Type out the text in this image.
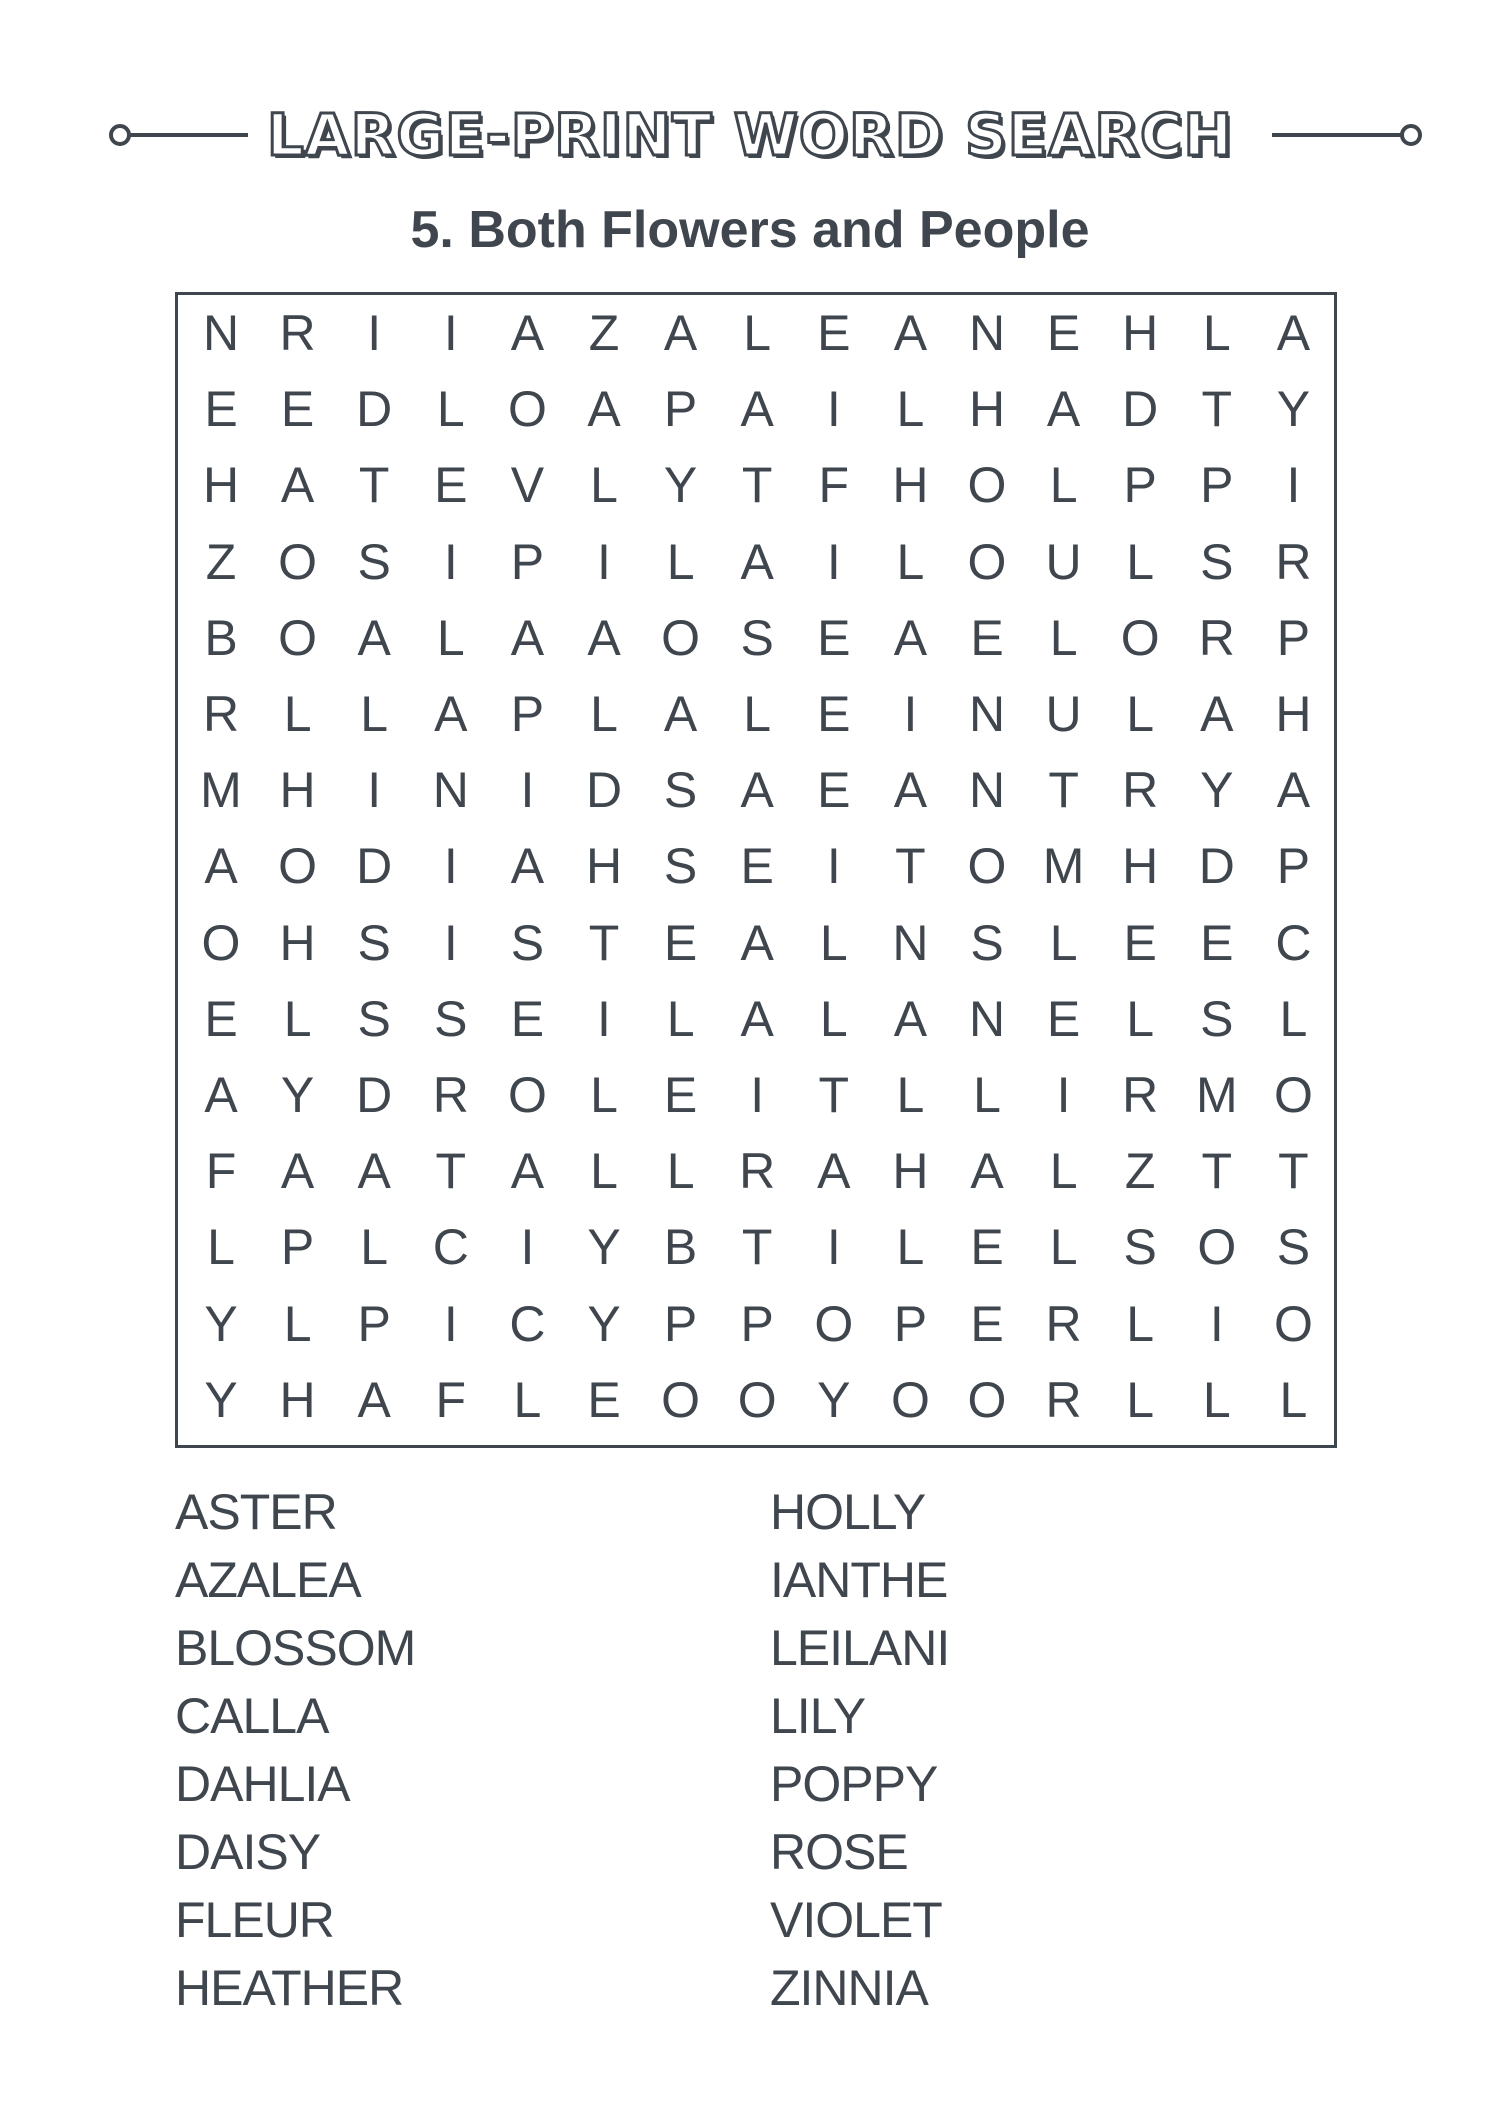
LARGE-PRINT WORD SEARCH
5. Both Flowers and People
N R	I	I	A Z A L E A N E H L A
E E D L O A P A	I	L H A D T Y
H A T E V L Y T F H O L P P	I
Z O S	I	P	I	L A	I	L O U L S R
B O A L A A O S E A E L O R P
R L L A P L A L E	I	N U L A H
M H	I	N	I	D S A E A N T R Y A
A O D	I	A H S E	I	T O M H D P
O H S	I	S T E A L N S L E E C
E L S S E	I	L A L A N E L S L
A Y D R O L E	I	T L L	I	R M O
F A A T A L L R A H A L Z T T
L P L C	I	Y B T	I	L E L S O S
Y L P	I	C Y P P O P E R L	I	O
Y H A F L E O O Y O O R L L L
ASTER
AZALEA
BLOSSOM
CALLA
DAHLIA
DAISY
FLEUR
HEATHER
HOLLY
IANTHE
LEILANI
LILY
POPPY
ROSE
VIOLET
ZINNIA
